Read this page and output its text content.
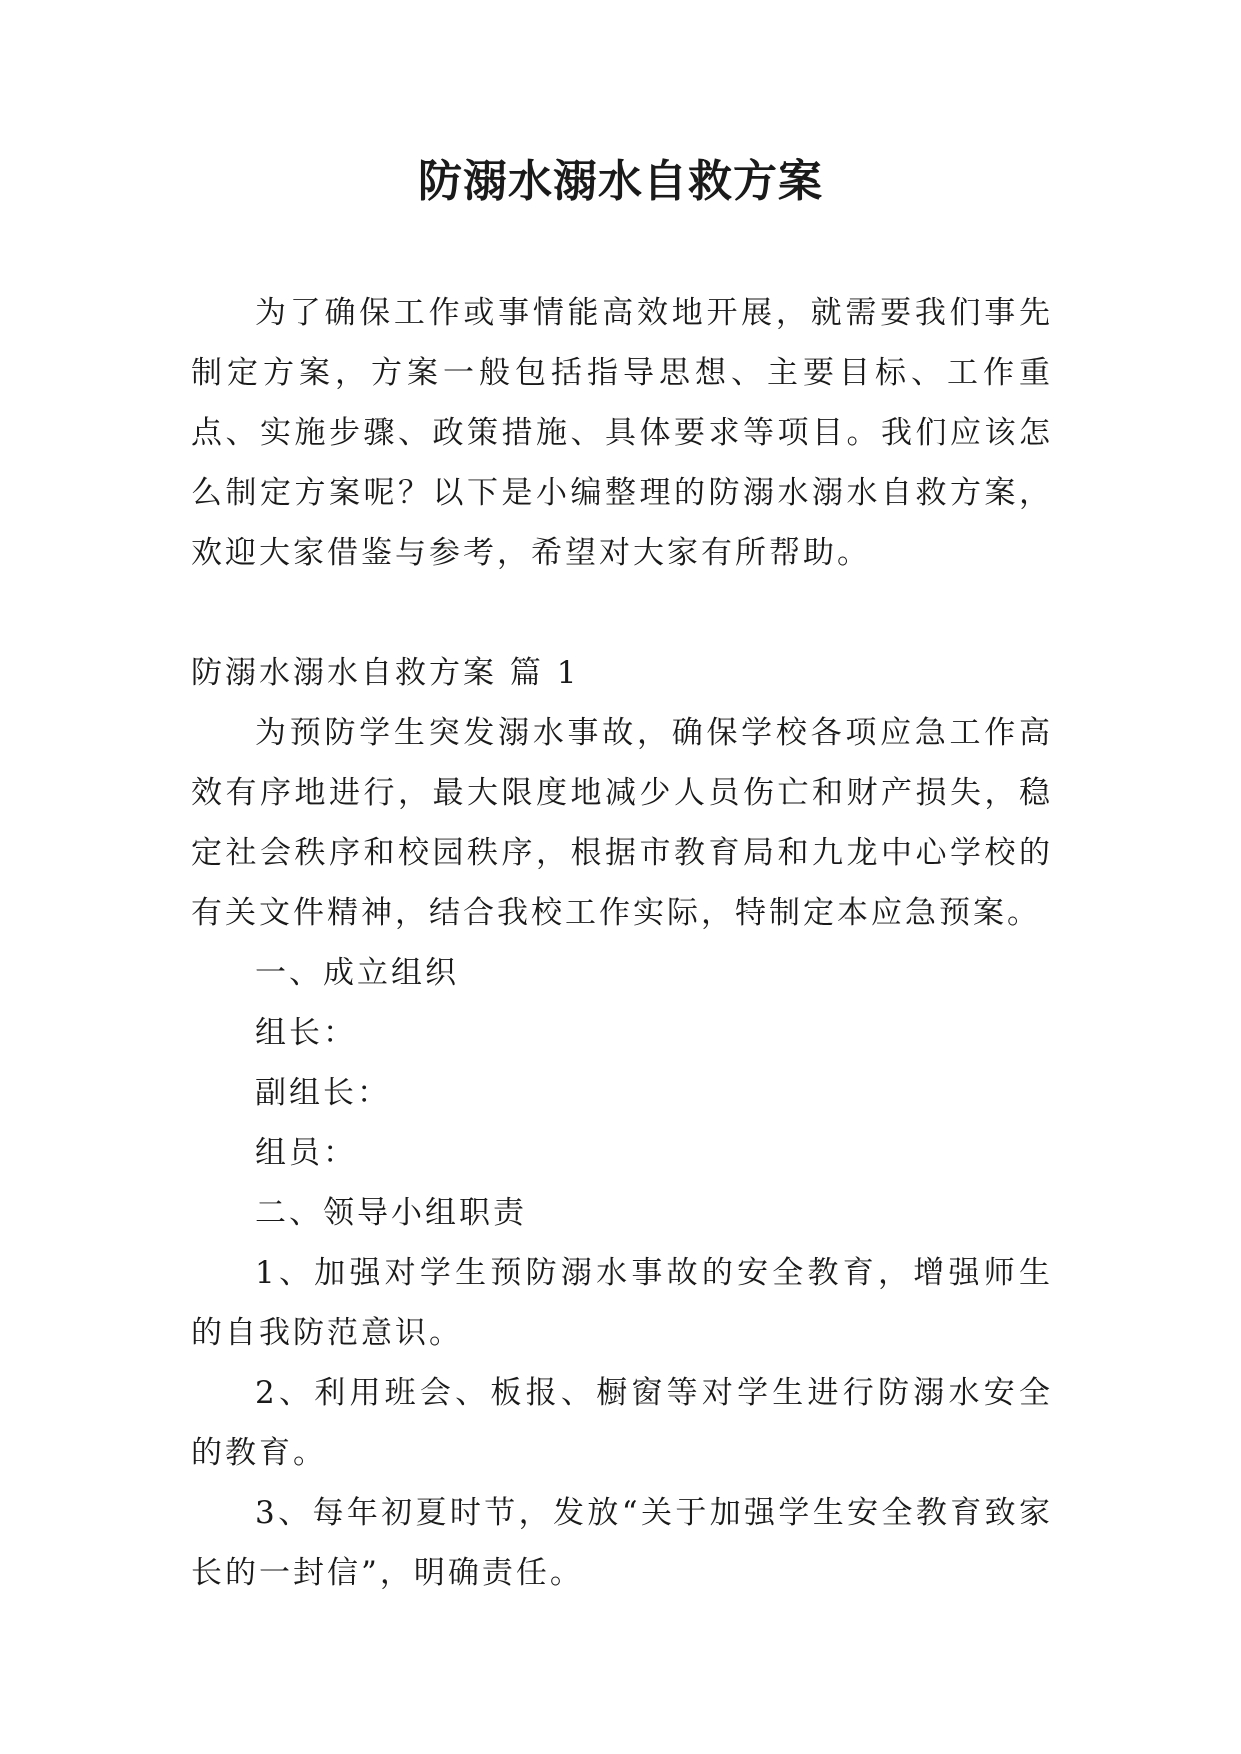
防溺水溺水自救方案

为了确保工作或事情能高效地开展，就需要我们事先制定方案，方案一般包括指导思想、主要目标、工作重点、实施步骤、政策措施、具体要求等项目。我们应该怎么制定方案呢？以下是小编整理的防溺水溺水自救方案，欢迎大家借鉴与参考，希望对大家有所帮助。

防溺水溺水自救方案 篇 1

为预防学生突发溺水事故，确保学校各项应急工作高效有序地进行，最大限度地减少人员伤亡和财产损失，稳定社会秩序和校园秩序，根据市教育局和九龙中心学校的有关文件精神，结合我校工作实际，特制定本应急预案。

一、成立组织

组长：

副组长：

组员：

二、领导小组职责

1、加强对学生预防溺水事故的安全教育，增强师生的自我防范意识。

2、利用班会、板报、橱窗等对学生进行防溺水安全的教育。

3、每年初夏时节，发放“关于加强学生安全教育致家长的一封信”，明确责任。
